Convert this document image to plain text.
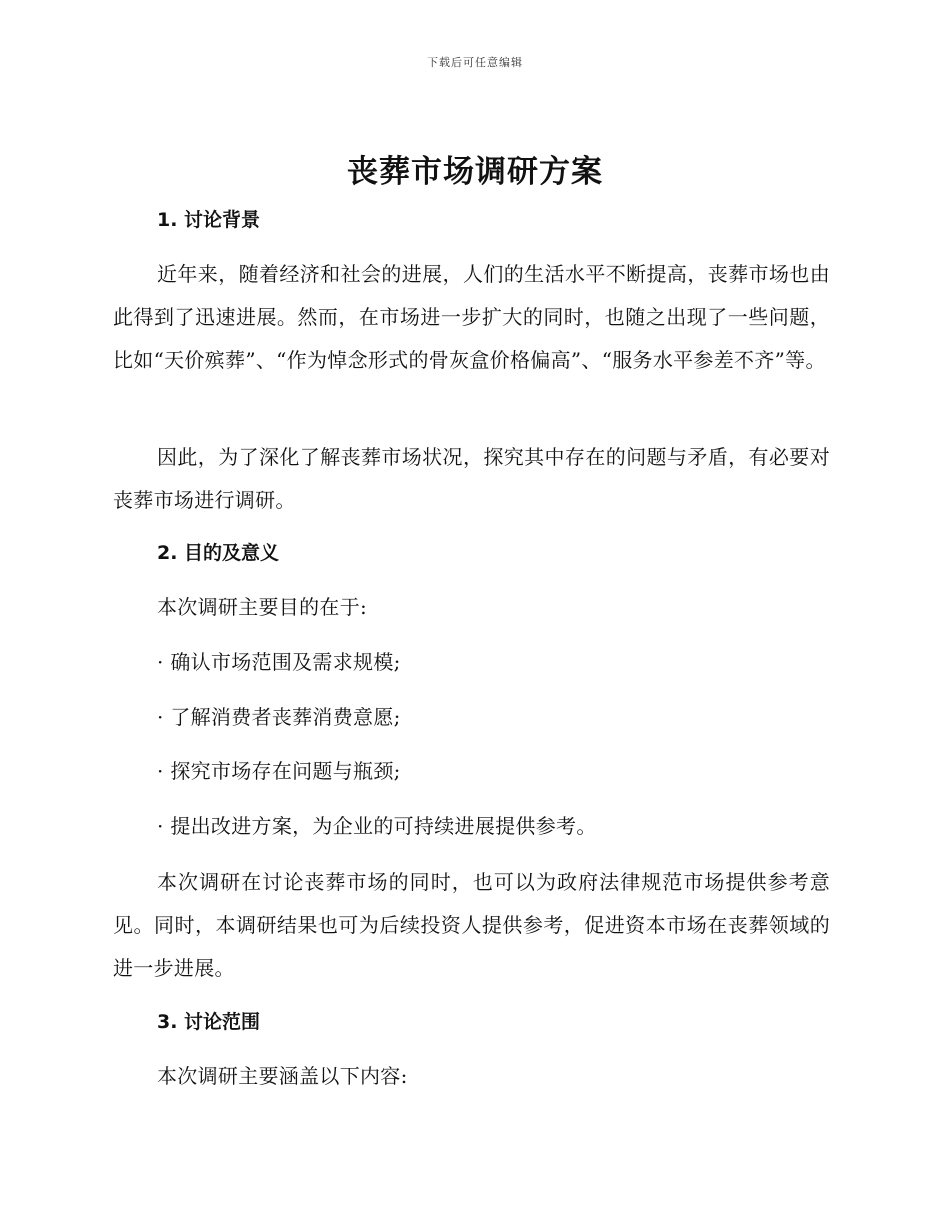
下载后可任意编辑
丧葬市场调研方案
1. 讨论背景

近年来，随着经济和社会的进展，人们的生活水平不断提高，丧葬市场也由此得到了迅速进展。然而，在市场进一步扩大的同时，也随之出现了一些问题，比如“天价殡葬”、“作为悼念形式的骨灰盒价格偏高”、“服务水平参差不齐”等。

因此，为了深化了解丧葬市场状况，探究其中存在的问题与矛盾，有必要对丧葬市场进行调研。

2. 目的及意义

本次调研主要目的在于:

· 确认市场范围及需求规模;

· 了解消费者丧葬消费意愿;

· 探究市场存在问题与瓶颈;

· 提出改进方案，为企业的可持续进展提供参考。

本次调研在讨论丧葬市场的同时，也可以为政府法律规范市场提供参考意见。同时，本调研结果也可为后续投资人提供参考，促进资本市场在丧葬领域的进一步进展。

3. 讨论范围

本次调研主要涵盖以下内容:
